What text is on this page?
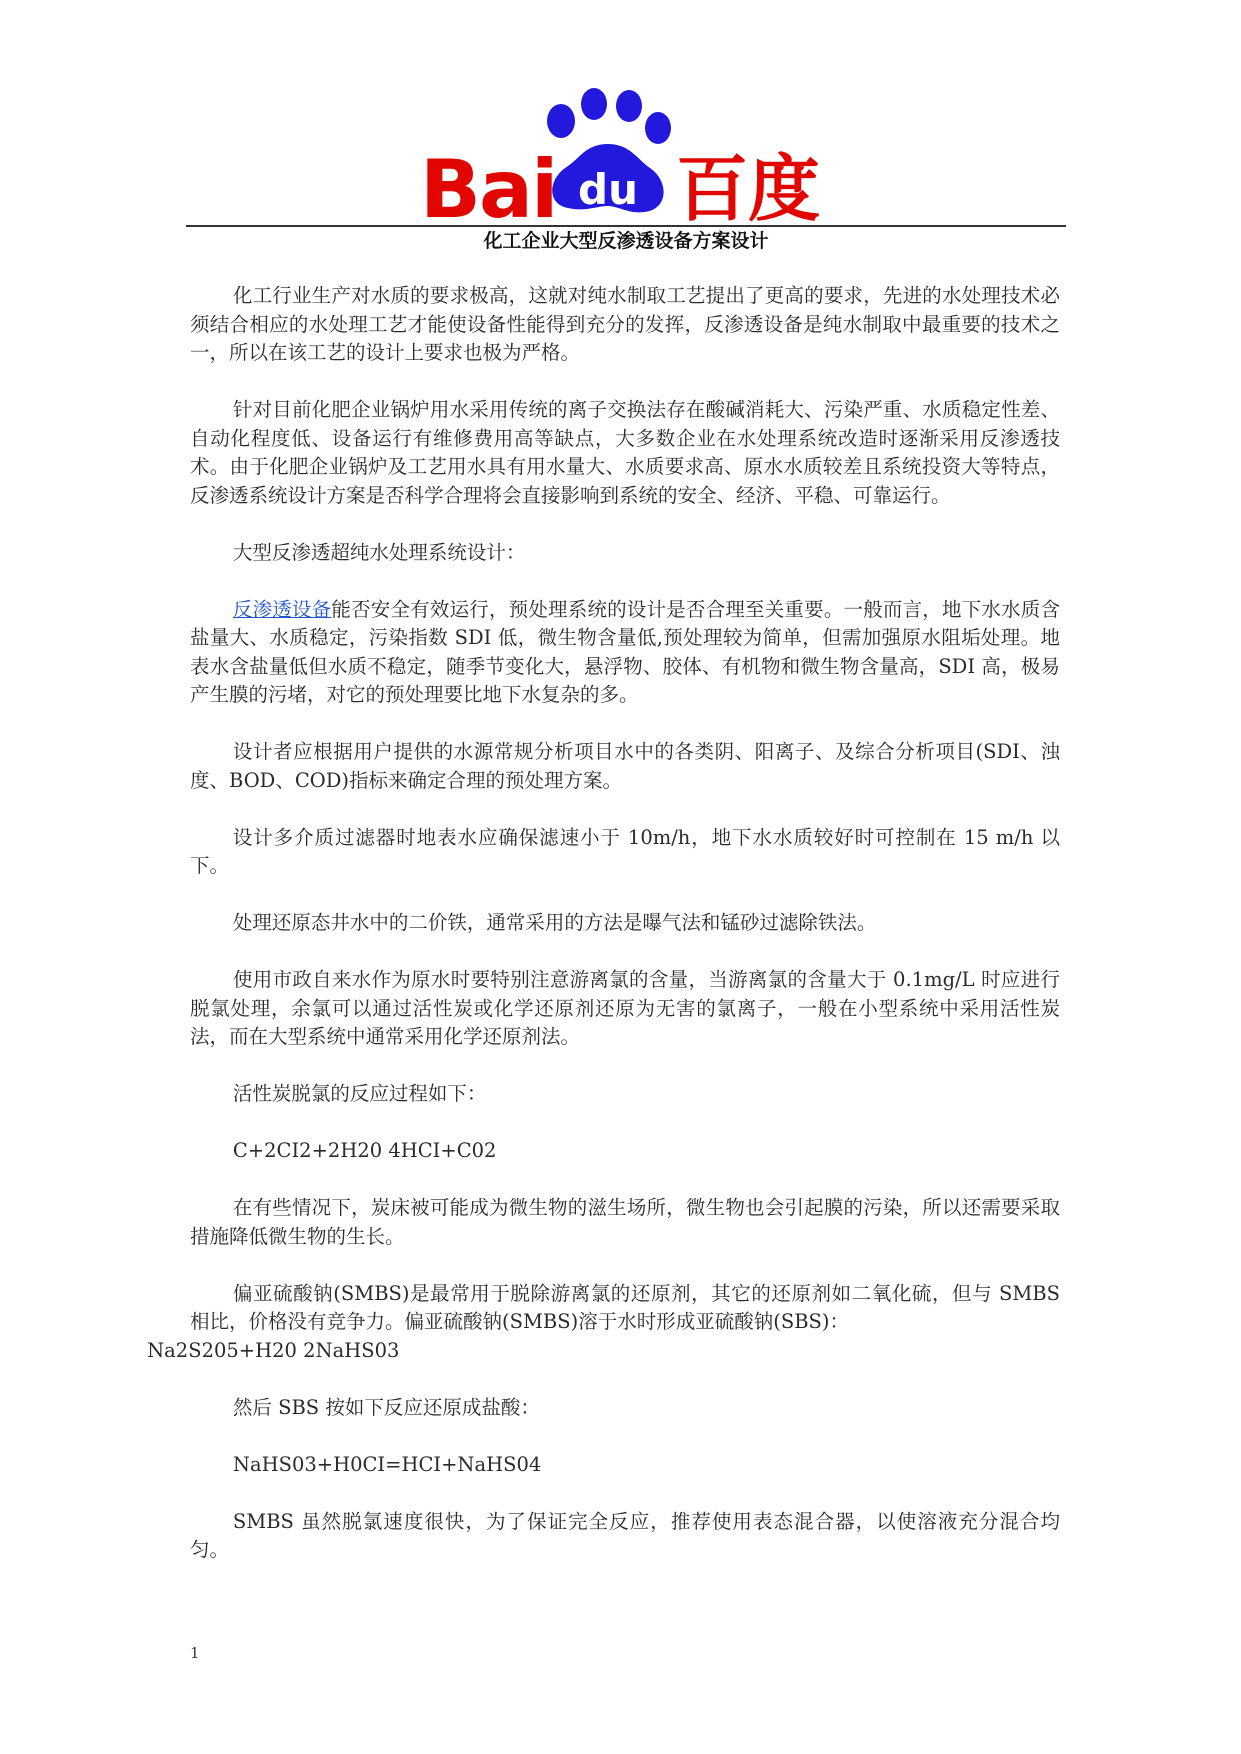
Bai du 百度
化工企业大型反渗透设备方案设计

化工行业生产对水质的要求极高，这就对纯水制取工艺提出了更高的要求，先进的水处理技术必须结合相应的水处理工艺才能使设备性能得到充分的发挥，反渗透设备是纯水制取中最重要的技术之一，所以在该工艺的设计上要求也极为严格。

针对目前化肥企业锅炉用水采用传统的离子交换法存在酸碱消耗大、污染严重、水质稳定性差、自动化程度低、设备运行有维修费用高等缺点，大多数企业在水处理系统改造时逐渐采用反渗透技术。由于化肥企业锅炉及工艺用水具有用水量大、水质要求高、原水水质较差且系统投资大等特点，反渗透系统设计方案是否科学合理将会直接影响到系统的安全、经济、平稳、可靠运行。

大型反渗透超纯水处理系统设计：

反渗透设备能否安全有效运行，预处理系统的设计是否合理至关重要。一般而言，地下水水质含盐量大、水质稳定，污染指数 SDI 低，微生物含量低,预处理较为简单，但需加强原水阻垢处理。地表水含盐量低但水质不稳定，随季节变化大，悬浮物、胶体、有机物和微生物含量高，SDI 高，极易产生膜的污堵，对它的预处理要比地下水复杂的多。

设计者应根据用户提供的水源常规分析项目水中的各类阴、阳离子、及综合分析项目(SDI、浊度、BOD、COD)指标来确定合理的预处理方案。

设计多介质过滤器时地表水应确保滤速小于 10m/h，地下水水质较好时可控制在 15 m/h 以下。

处理还原态井水中的二价铁，通常采用的方法是曝气法和锰砂过滤除铁法。

使用市政自来水作为原水时要特别注意游离氯的含量，当游离氯的含量大于 0.1mg/L 时应进行脱氯处理，余氯可以通过活性炭或化学还原剂还原为无害的氯离子，一般在小型系统中采用活性炭法，而在大型系统中通常采用化学还原剂法。

活性炭脱氯的反应过程如下：

C+2CI2+2H20 4HCI+C02

在有些情况下，炭床被可能成为微生物的滋生场所，微生物也会引起膜的污染，所以还需要采取措施降低微生物的生长。

偏亚硫酸钠(SMBS)是最常用于脱除游离氯的还原剂，其它的还原剂如二氧化硫，但与 SMBS 相比，价格没有竞争力。偏亚硫酸钠(SMBS)溶于水时形成亚硫酸钠(SBS)：
Na2S205+H20 2NaHS03

然后 SBS 按如下反应还原成盐酸：

NaHS03+H0CI=HCI+NaHS04

SMBS 虽然脱氯速度很快，为了保证完全反应，推荐使用表态混合器，以使溶液充分混合均匀。

1
